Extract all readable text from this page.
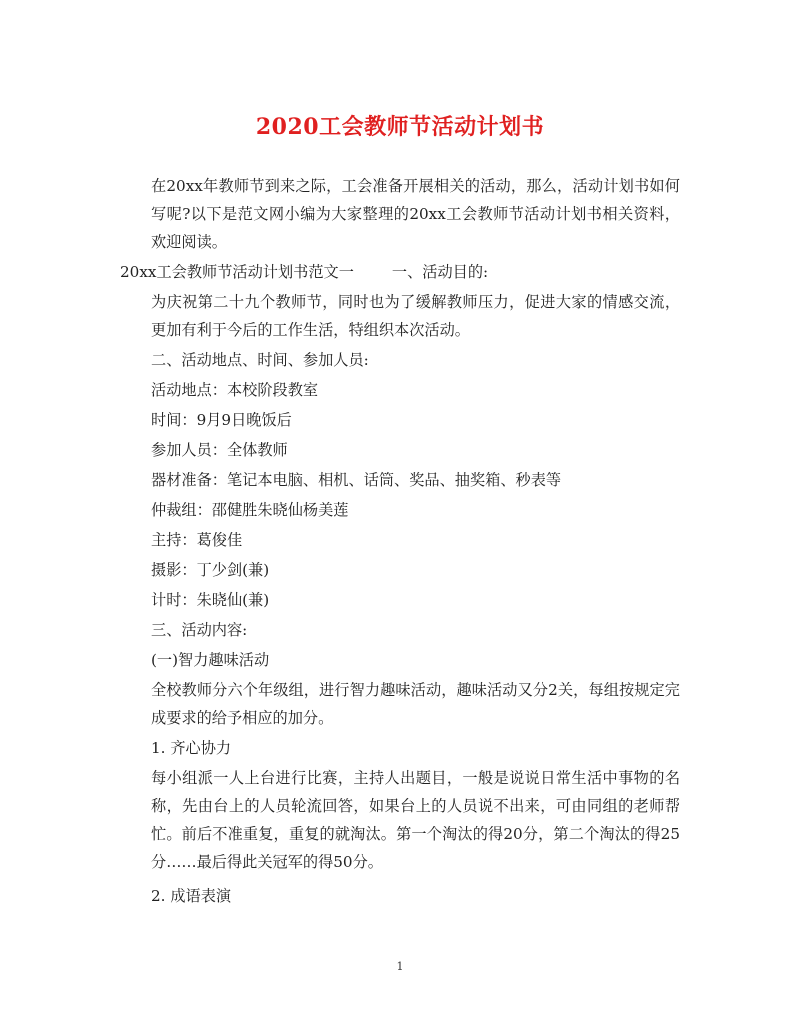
2020工会教师节活动计划书
在20xx年教师节到来之际，工会准备开展相关的活动，那么，活动计划书如何写呢?以下是范文网小编为大家整理的20xx工会教师节活动计划书相关资料，欢迎阅读。
20xx工会教师节活动计划书范文一	一、活动目的:
为庆祝第二十九个教师节，同时也为了缓解教师压力，促进大家的情感交流，更加有利于今后的工作生活，特组织本次活动。
二、活动地点、时间、参加人员:
活动地点：本校阶段教室
时间：9月9日晚饭后
参加人员：全体教师
器材准备：笔记本电脑、相机、话筒、奖品、抽奖箱、秒表等
仲裁组：邵健胜朱晓仙杨美莲
主持：葛俊佳
摄影：丁少剑(兼)
计时：朱晓仙(兼)
三、活动内容:
(一)智力趣味活动
全校教师分六个年级组，进行智力趣味活动，趣味活动又分2关，每组按规定完成要求的给予相应的加分。
1. 齐心协力
每小组派一人上台进行比赛，主持人出题目，一般是说说日常生活中事物的名称，先由台上的人员轮流回答，如果台上的人员说不出来，可由同组的老师帮忙。前后不准重复，重复的就淘汰。第一个淘汰的得20分，第二个淘汰的得25分……最后得此关冠军的得50分。
2. 成语表演
1
